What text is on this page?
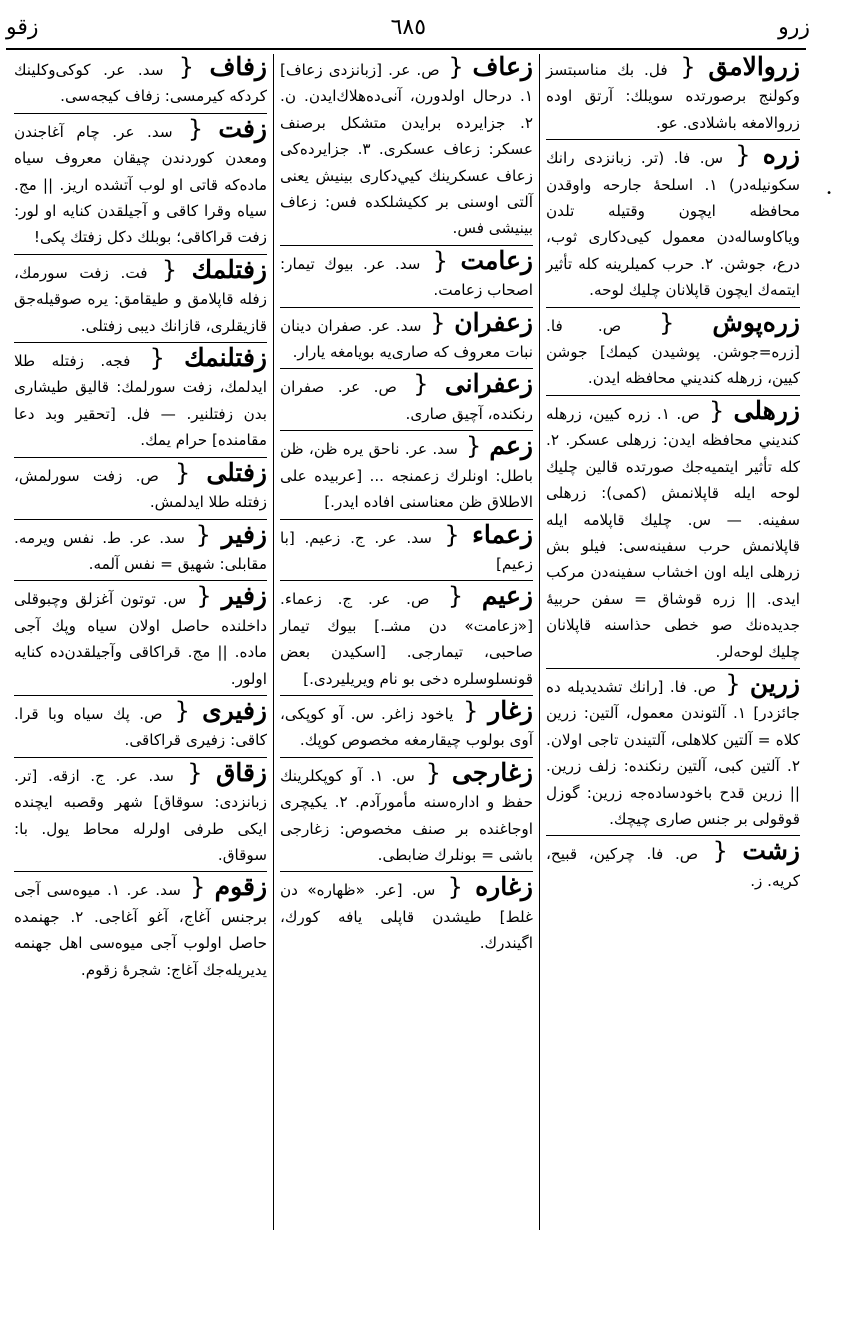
زقو	٦٨٥	زرو
زروالامق { فل. بك مناسبتسز وكولنج برصورتده سويلك: آرتق اوده زروالامغه باشلادی. عو.
زره { ﺱ. فا. (تر. زبانزدی رانك سكونيله‌در) ١. اسلحهٔ جارحه واوقدن محافظه ايچون وقتيله تلدن وياكاوساله‌دن معمول كيی‌دكاری ثوب، درع، جوشن. ٢. حرب كميلرينه كله تأثير ايتمه‌ك ايچون قاپلانان چليك لوحه.
زره‌پوش { ص. فا. [زره=جوشن. پوشيدن كيمك] جوشن كيين، زرهله كنديني محافظه ايدن.
زرهلی { ص. ١. زره كيين، زرهله كنديني محافظه ايدن: زرهلی عسكر. ٢. كله تأثير ايتميه‌جك صورتده قالين چليك لوحه ايله قاپلانمش (كمی): زرهلی سفينه. — س. چليك قاپلامه ايله قاپلانمش حرب سفينه‌سی: فيلو بش زرهلی ايله اون اخشاب سفينه‌دن مركب ايدی. || زره قوشاق = سفن حربيهٔ جديده‌نك صو خطی حذاسنه قاپلانان چليك لوحه‌لر.
زرين { ص. فا. [رانك تشديديله ده جائزدر] ١. آلتوندن معمول، آلتين: زرين كلاه = آلتين كلاهلی، آلتيندن تاجی اولان. ٢. آلتين كبی، آلتين رنكنده: زلف زرين. || زرين قدح باخودساده‌جه زرين: گوزل قوقولی بر جنس صاری چيچك.
زشت { ص. فا. چركين، قبيح، كريه. ز.
زعاف { ص. عر. [زبانزدی زعاف] ١. درحال اولدورن، آنی‌ده‌هلاك‌ايدن. ن. ٢. جزايرده برايدن متشكل برصنف عسكر: زعاف عسكری. ٣. جزايرده‌كی زعاف عسكرينك كيي‌دكاری بينيش يعنی آلتی اوسنی بر ككيشلكده فس: زعاف بينيشی فس.
زعامت { سد. عر. بيوك تيمار: اصحاب زعامت.
زعفران { سد. عر. صفران دينان نبات معروف كه صاری‌يه بويامغه يارار.
زعفرانی { ص. عر. صفران رنكنده، آچيق صاری.
زعم { سد. عر. ناحق يره ظن، ظن باطل: اونلرك زعمنجه ... [عربيده علی الاطلاق ظن معناسنی افاده ايدر.]
زعماء { سد. عر. ج. زعيم. [با زعيم]
زعيم { ص. عر. ج. زعماء. [«زعامت» دن مشـ.] بيوك تيمار صاحبی، تيمارجی. [اسكيدن بعض قونسلوسلره دخی بو نام ويريليردی.]
زغار { ياخود زاغر. س. آو كوپكی، آوی بولوب چيقارمغه مخصوص كوپك.
زغارجی { س. ١. آو كوپكلرينك حفظ و اداره‌سنه مأمورآدم. ٢. يكيچری اوجاغنده بر صنف مخصوص: زغارجی باشی = بونلرك ضابطی.
زغاره { س. [عر. «ظهاره» دن غلط] طيشدن قاپلی يافه كورك، اگيندرك.
زفاف { سد. عر. كوكی‌وكلينك كردكه كيرمسی: زفاف كيجه‌سی.
زفت { سد. عر. چام آغاجندن ومعدن كوردندن چيقان معروف سياه ماده‌كه قاتی او لوب آتشده اريز. || مج. سياه وقرا كاقی و آجيلقدن كنايه او لور: زفت قراكاقی؛ بوبلك دكل زفتك پكی!
زفتلمك { فت. زفت سورمك، زفله قاپلامق و طيقامق: يره صوقيله‌جق قازيقلری، قازانك ديبی زفتلی.
زفتلنمك { فجه. زفتله طلا ايدلمك، زفت سورلمك: قاليق طيشاری بدن زفتلنير. — فل. [تحقير وبد دعا مقامنده] حرام يمك.
زفتلی { ص. زفت سورلمش، زفتله طلا ايدلمش.
زفير { سد. عر. ط. نفس ويرمه. مقابلی: شهيق = نفس آلمه.
زفير { س. توتون آغزلق وچبوقلی داخلنده حاصل اولان سياه وپك آجی ماده. || مج. قراكاقی وآجيلقدن‌ده كنايه اولور.
زفيری { ص. پك سياه وبا قرا. كاقی: زفيری قراكاقی.
زقاق { سد. عر. ج. ازقه. [تر. زبانزدی: سوقاق] شهر وقصبه ايچنده ايكی طرفی اولرله محاط يول. با: سوقاق.
زقوم { سد. عر. ١. ميوه‌سی آجی برجنس آغاج، آغو آغاجی. ٢. جهنمده حاصل اولوب آجی ميوه‌سی اهل جهنمه يديريله‌جك آغاج: شجرهٔ زقوم.
•
